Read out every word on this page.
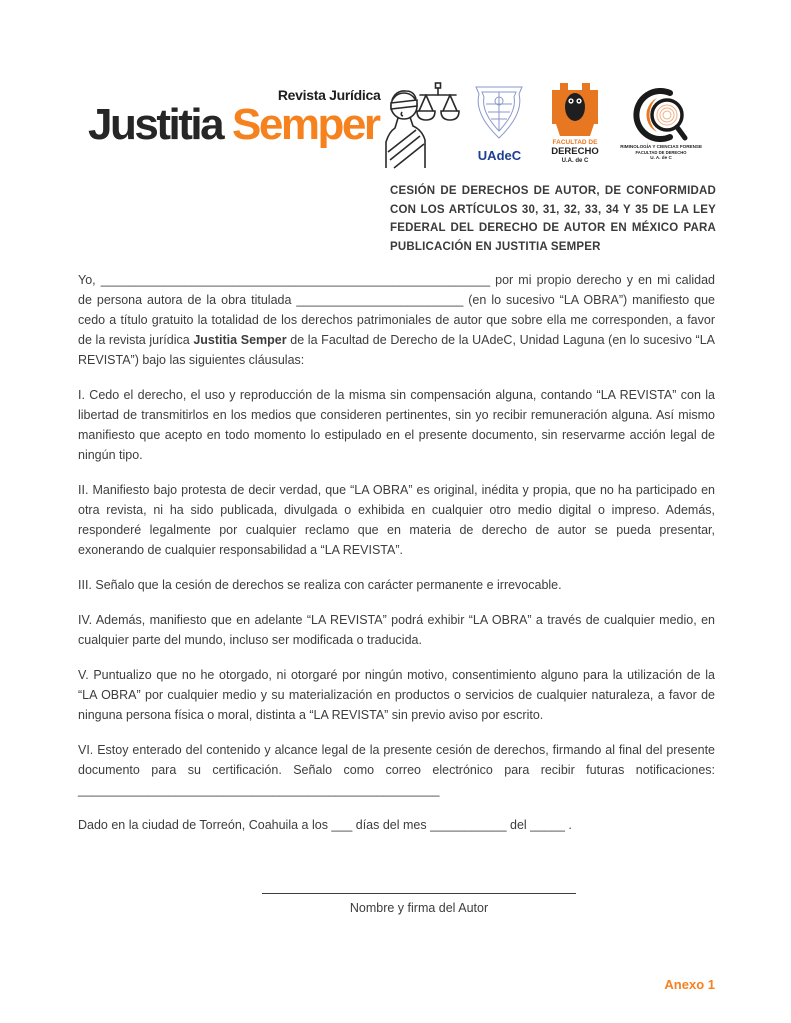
Justitia
Revista Jurídica
Semper
UAdeC
FACULTAD DE
DERECHO
U.A. de C
CRIMINOLOGÍA Y CIENCIAS FORENSES
FACULTAD DE DERECHO
U. A. de C
CESIÓN DE DERECHOS DE AUTOR, DE CONFORMIDAD CON LOS ARTÍCULOS 30, 31, 32, 33, 34 Y 35 DE LA LEY FEDERAL DEL DERECHO DE AUTOR EN MÉXICO PARA PUBLICACIÓN EN JUSTITIA SEMPER

Yo, ________________________________________________________ por mi propio derecho y en mi calidad de persona autora de la obra titulada ________________________ (en lo sucesivo “LA OBRA”) manifiesto que cedo a título gratuito la totalidad de los derechos patrimoniales de autor que sobre ella me corresponden, a favor de la revista jurídica Justitia Semper de la Facultad de Derecho de la UAdeC, Unidad Laguna (en lo sucesivo “LA REVISTA”) bajo las siguientes cláusulas:

I. Cedo el derecho, el uso y reproducción de la misma sin compensación alguna, contando “LA REVISTA” con la libertad de transmitirlos en los medios que consideren pertinentes, sin yo recibir remuneración alguna. Así mismo manifiesto que acepto en todo momento lo estipulado en el presente documento, sin reservarme acción legal de ningún tipo.

II. Manifiesto bajo protesta de decir verdad, que “LA OBRA” es original, inédita y propia, que no ha participado en otra revista, ni ha sido publicada, divulgada o exhibida en cualquier otro medio digital o impreso. Además, responderé legalmente por cualquier reclamo que en materia de derecho de autor se pueda presentar, exonerando de cualquier responsabilidad a “LA REVISTA”.

III. Señalo que la cesión de derechos se realiza con carácter permanente e irrevocable.

IV. Además, manifiesto que en adelante “LA REVISTA” podrá exhibir “LA OBRA” a través de cualquier medio, en cualquier parte del mundo, incluso ser modificada o traducida.

V. Puntualizo que no he otorgado, ni otorgaré por ningún motivo, consentimiento alguno para la utilización de la “LA OBRA” por cualquier medio y su materialización en productos o servicios de cualquier naturaleza, a favor de ninguna persona física o moral, distinta a “LA REVISTA” sin previo aviso por escrito.

VI. Estoy enterado del contenido y alcance legal de la presente cesión de derechos, firmando al final del presente documento para su certificación. Señalo como correo electrónico para recibir futuras notificaciones: ____________________________________________________

Dado en la ciudad de Torreón, Coahuila a los ___ días del mes ___________ del _____ .

Nombre y firma del Autor
Anexo 1
